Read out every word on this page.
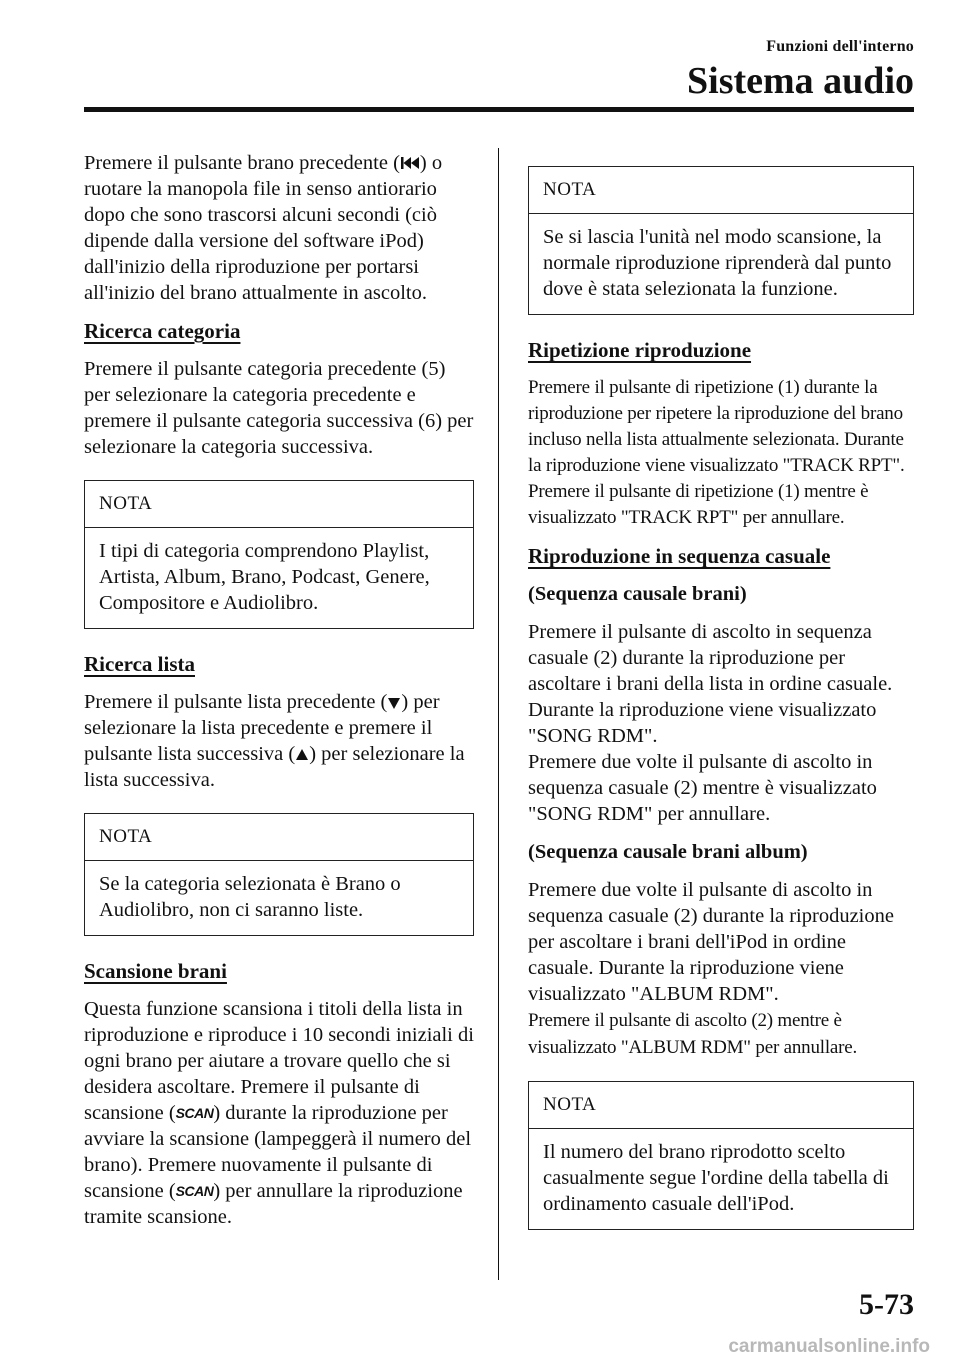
Funzioni dell'interno
Sistema audio

Premere il pulsante brano precedente ( ) o ruotare la manopola file in senso antiorario dopo che sono trascorsi alcuni secondi (ciò dipende dalla versione del software iPod) dall'inizio della riproduzione per portarsi all'inizio del brano attualmente in ascolto.

Ricerca categoria

Premere il pulsante categoria precedente (5) per selezionare la categoria precedente e premere il pulsante categoria successiva (6) per selezionare la categoria successiva.

NOTA
I tipi di categoria comprendono Playlist, Artista, Album, Brano, Podcast, Genere, Compositore e Audiolibro.
Ricerca lista

Premere il pulsante lista precedente ( ) per selezionare la lista precedente e premere il pulsante lista successiva ( ) per selezionare la lista successiva.

NOTA
Se la categoria selezionata è Brano o Audiolibro, non ci saranno liste.
Scansione brani

Questa funzione scansiona i titoli della lista in riproduzione e riproduce i 10 secondi iniziali di ogni brano per aiutare a trovare quello che si desidera ascoltare. Premere il pulsante di scansione (SCAN) durante la riproduzione per avviare la scansione (lampeggerà il numero del brano). Premere nuovamente il pulsante di scansione (SCAN) per annullare la riproduzione tramite scansione.

NOTA
Se si lascia l'unità nel modo scansione, la normale riproduzione riprenderà dal punto dove è stata selezionata la funzione.
Ripetizione riproduzione

Premere il pulsante di ripetizione (1) durante la riproduzione per ripetere la riproduzione del brano incluso nella lista attualmente selezionata. Durante la riproduzione viene visualizzato "TRACK RPT".
Premere il pulsante di ripetizione (1) mentre è visualizzato "TRACK RPT" per annullare.

Riproduzione in sequenza casuale
(Sequenza causale brani)

Premere il pulsante di ascolto in sequenza casuale (2) durante la riproduzione per ascoltare i brani della lista in ordine casuale. Durante la riproduzione viene visualizzato "SONG RDM".
Premere due volte il pulsante di ascolto in sequenza casuale (2) mentre è visualizzato "SONG RDM" per annullare.

(Sequenza causale brani album)

Premere due volte il pulsante di ascolto in sequenza casuale (2) durante la riproduzione per ascoltare i brani dell'iPod in ordine casuale. Durante la riproduzione viene visualizzato "ALBUM RDM".
Premere il pulsante di ascolto (2) mentre è visualizzato "ALBUM RDM" per annullare.

NOTA
Il numero del brano riprodotto scelto casualmente segue l'ordine della tabella di ordinamento casuale dell'iPod.
5-73
carmanualsonline.info
